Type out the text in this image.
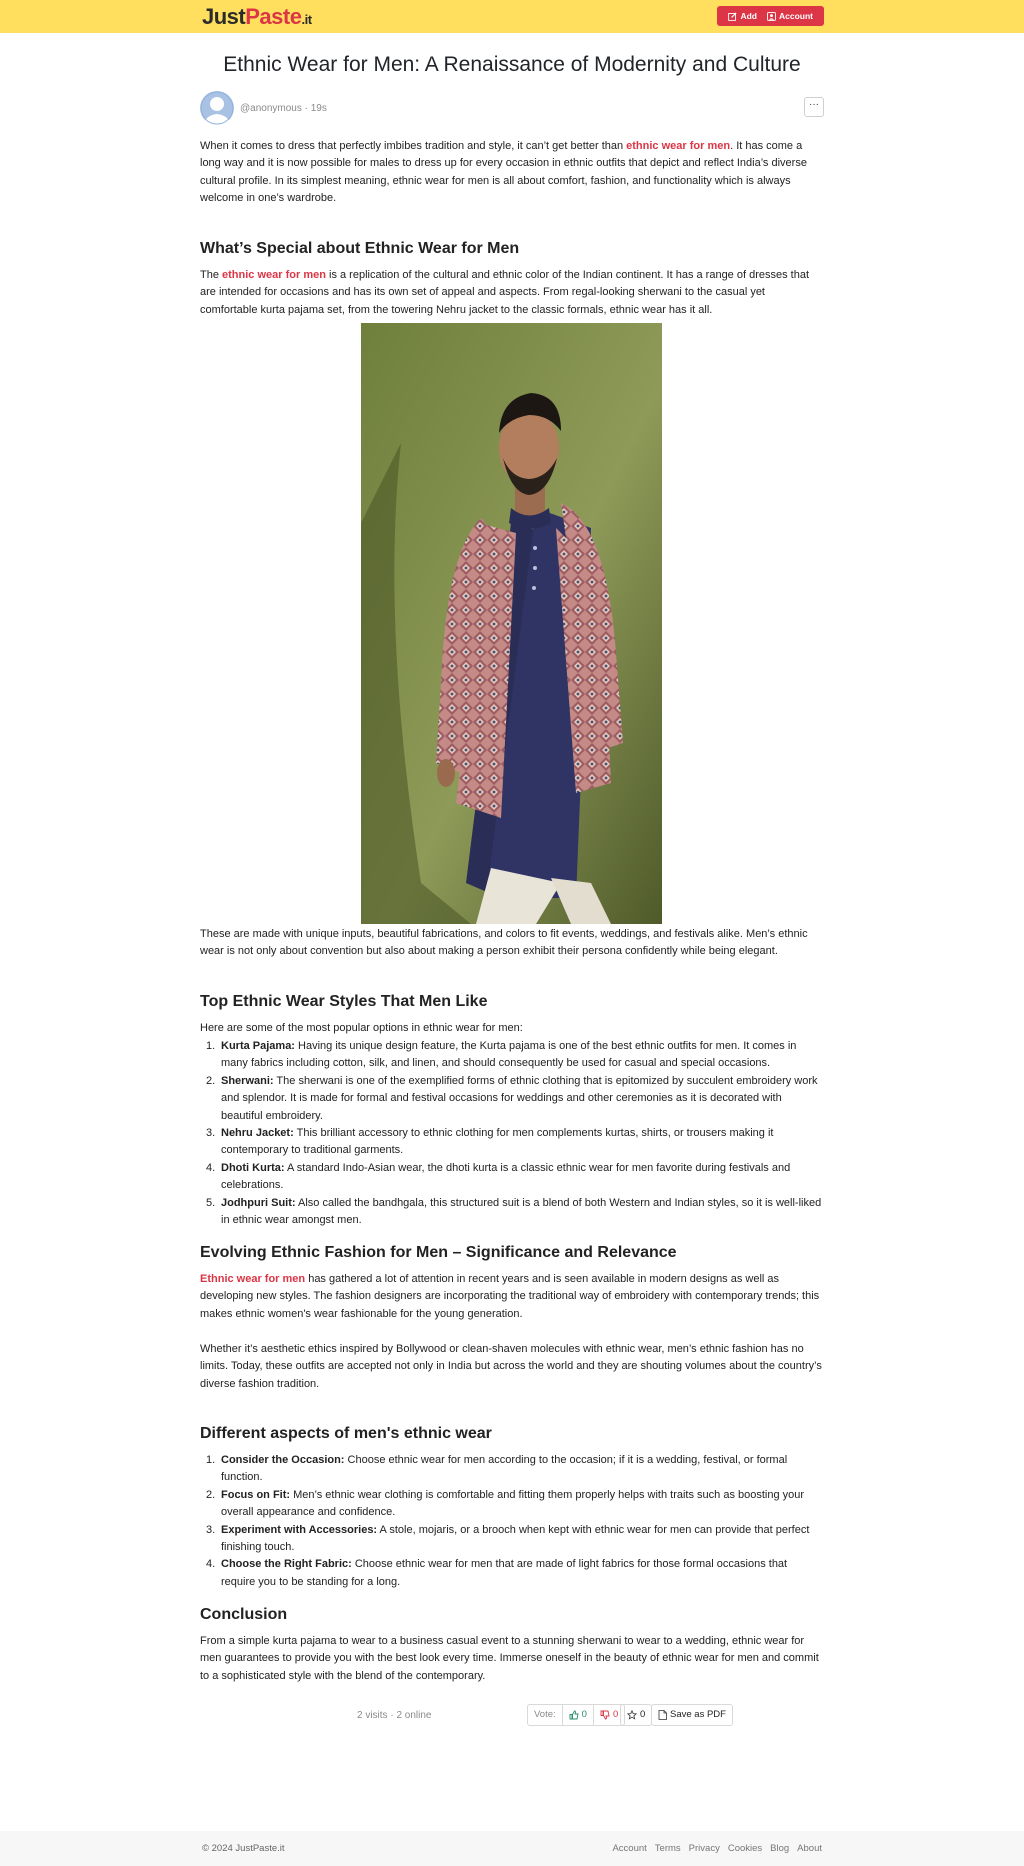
JustPaste.it	Add	Account
Ethnic Wear for Men: A Renaissance of Modernity and Culture
@anonymous · 19s	···

When it comes to dress that perfectly imbibes tradition and style, it can’t get better than ethnic wear for men. It has come a long way and it is now possible for males to dress up for every occasion in ethnic outfits that depict and reflect India’s diverse cultural profile. In its simplest meaning, ethnic wear for men is all about comfort, fashion, and functionality which is always welcome in one’s wardrobe.

What’s Special about Ethnic Wear for Men

The ethnic wear for men is a replication of the cultural and ethnic color of the Indian continent. It has a range of dresses that are intended for occasions and has its own set of appeal and aspects. From regal-looking sherwani to the casual yet comfortable kurta pajama set, from the towering Nehru jacket to the classic formals, ethnic wear has it all.

These are made with unique inputs, beautiful fabrications, and colors to fit events, weddings, and festivals alike. Men’s ethnic wear is not only about convention but also about making a person exhibit their persona confidently while being elegant.

Top Ethnic Wear Styles That Men Like

Here are some of the most popular options in ethnic wear for men:

Kurta Pajama: Having its unique design feature, the Kurta pajama is one of the best ethnic outfits for men. It comes in many fabrics including cotton, silk, and linen, and should consequently be used for casual and special occasions.
Sherwani: The sherwani is one of the exemplified forms of ethnic clothing that is epitomized by succulent embroidery work and splendor. It is made for formal and festival occasions for weddings and other ceremonies as it is decorated with beautiful embroidery.
Nehru Jacket: This brilliant accessory to ethnic clothing for men complements kurtas, shirts, or trousers making it contemporary to traditional garments.
Dhoti Kurta: A standard Indo-Asian wear, the dhoti kurta is a classic ethnic wear for men favorite during festivals and celebrations.
Jodhpuri Suit: Also called the bandhgala, this structured suit is a blend of both Western and Indian styles, so it is well-liked in ethnic wear amongst men.
Evolving Ethnic Fashion for Men – Significance and Relevance

Ethnic wear for men has gathered a lot of attention in recent years and is seen available in modern designs as well as developing new styles. The fashion designers are incorporating the traditional way of embroidery with contemporary trends; this makes ethnic women's wear fashionable for the young generation.

Whether it’s aesthetic ethics inspired by Bollywood or clean-shaven molecules with ethnic wear, men’s ethnic fashion has no limits. Today, these outfits are accepted not only in India but across the world and they are shouting volumes about the country’s diverse fashion tradition.

Different aspects of men's ethnic wear
Consider the Occasion: Choose ethnic wear for men according to the occasion; if it is a wedding, festival, or formal function.
Focus on Fit: Men’s ethnic wear clothing is comfortable and fitting them properly helps with traits such as boosting your overall appearance and confidence.
Experiment with Accessories: A stole, mojaris, or a brooch when kept with ethnic wear for men can provide that perfect finishing touch.
Choose the Right Fabric: Choose ethnic wear for men that are made of light fabrics for those formal occasions that require you to be standing for a long.
Conclusion

From a simple kurta pajama to wear to a business casual event to a stunning sherwani to wear to a wedding, ethnic wear for men guarantees to provide you with the best look every time. Immerse oneself in the beauty of ethnic wear for men and commit to a sophisticated style with the blend of the contemporary.

2 visits · 2 online	Vote:	0	0 0	Save as PDF
© 2024 JustPaste.it	Account Terms Privacy Cookies Blog About
